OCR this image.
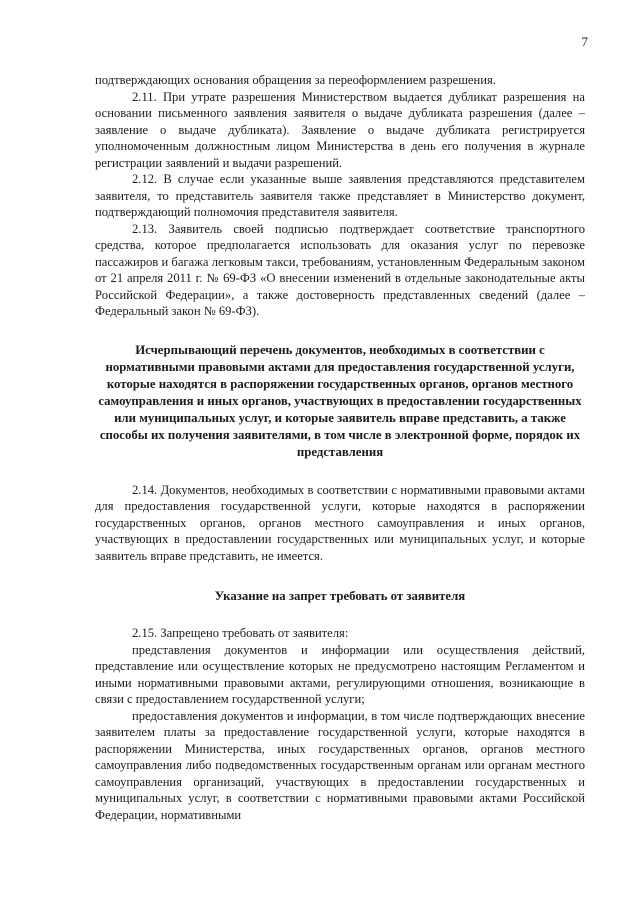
7

подтверждающих основания обращения за переоформлением разрешения.

2.11. При утрате разрешения Министерством выдается дубликат разрешения на основании письменного заявления заявителя о выдаче дубликата разрешения (далее – заявление о выдаче дубликата). Заявление о выдаче дубликата регистрируется уполномоченным должностным лицом Министерства в день его получения в журнале регистрации заявлений и выдачи разрешений.

2.12. В случае если указанные выше заявления представляются представителем заявителя, то представитель заявителя также представляет в Министерство документ, подтверждающий полномочия представителя заявителя.

2.13. Заявитель своей подписью подтверждает соответствие транспортного средства, которое предполагается использовать для оказания услуг по перевозке пассажиров и багажа легковым такси, требованиям, установленным Федеральным законом от 21 апреля 2011 г. № 69-ФЗ «О внесении изменений в отдельные законодательные акты Российской Федерации», а также достоверность представленных сведений (далее – Федеральный закон № 69-ФЗ).

Исчерпывающий перечень документов, необходимых в соответствии с нормативными правовыми актами для предоставления государственной услуги, которые находятся в распоряжении государственных органов, органов местного самоуправления и иных органов, участвующих в предоставлении государственных или муниципальных услуг, и которые заявитель вправе представить, а также способы их получения заявителями, в том числе в электронной форме, порядок их представления

2.14. Документов, необходимых в соответствии с нормативными правовыми актами для предоставления государственной услуги, которые находятся в распоряжении государственных органов, органов местного самоуправления и иных органов, участвующих в предоставлении государственных или муниципальных услуг, и которые заявитель вправе представить, не имеется.

Указание на запрет требовать от заявителя

2.15. Запрещено требовать от заявителя:

представления документов и информации или осуществления действий, представление или осуществление которых не предусмотрено настоящим Регламентом и иными нормативными правовыми актами, регулирующими отношения, возникающие в связи с предоставлением государственной услуги;

предоставления документов и информации, в том числе подтверждающих внесение заявителем платы за предоставление государственной услуги, которые находятся в распоряжении Министерства, иных государственных органов, органов местного самоуправления либо подведомственных государственным органам или органам местного самоуправления организаций, участвующих в предоставлении государственных и муниципальных услуг, в соответствии с нормативными правовыми актами Российской Федерации, нормативными
